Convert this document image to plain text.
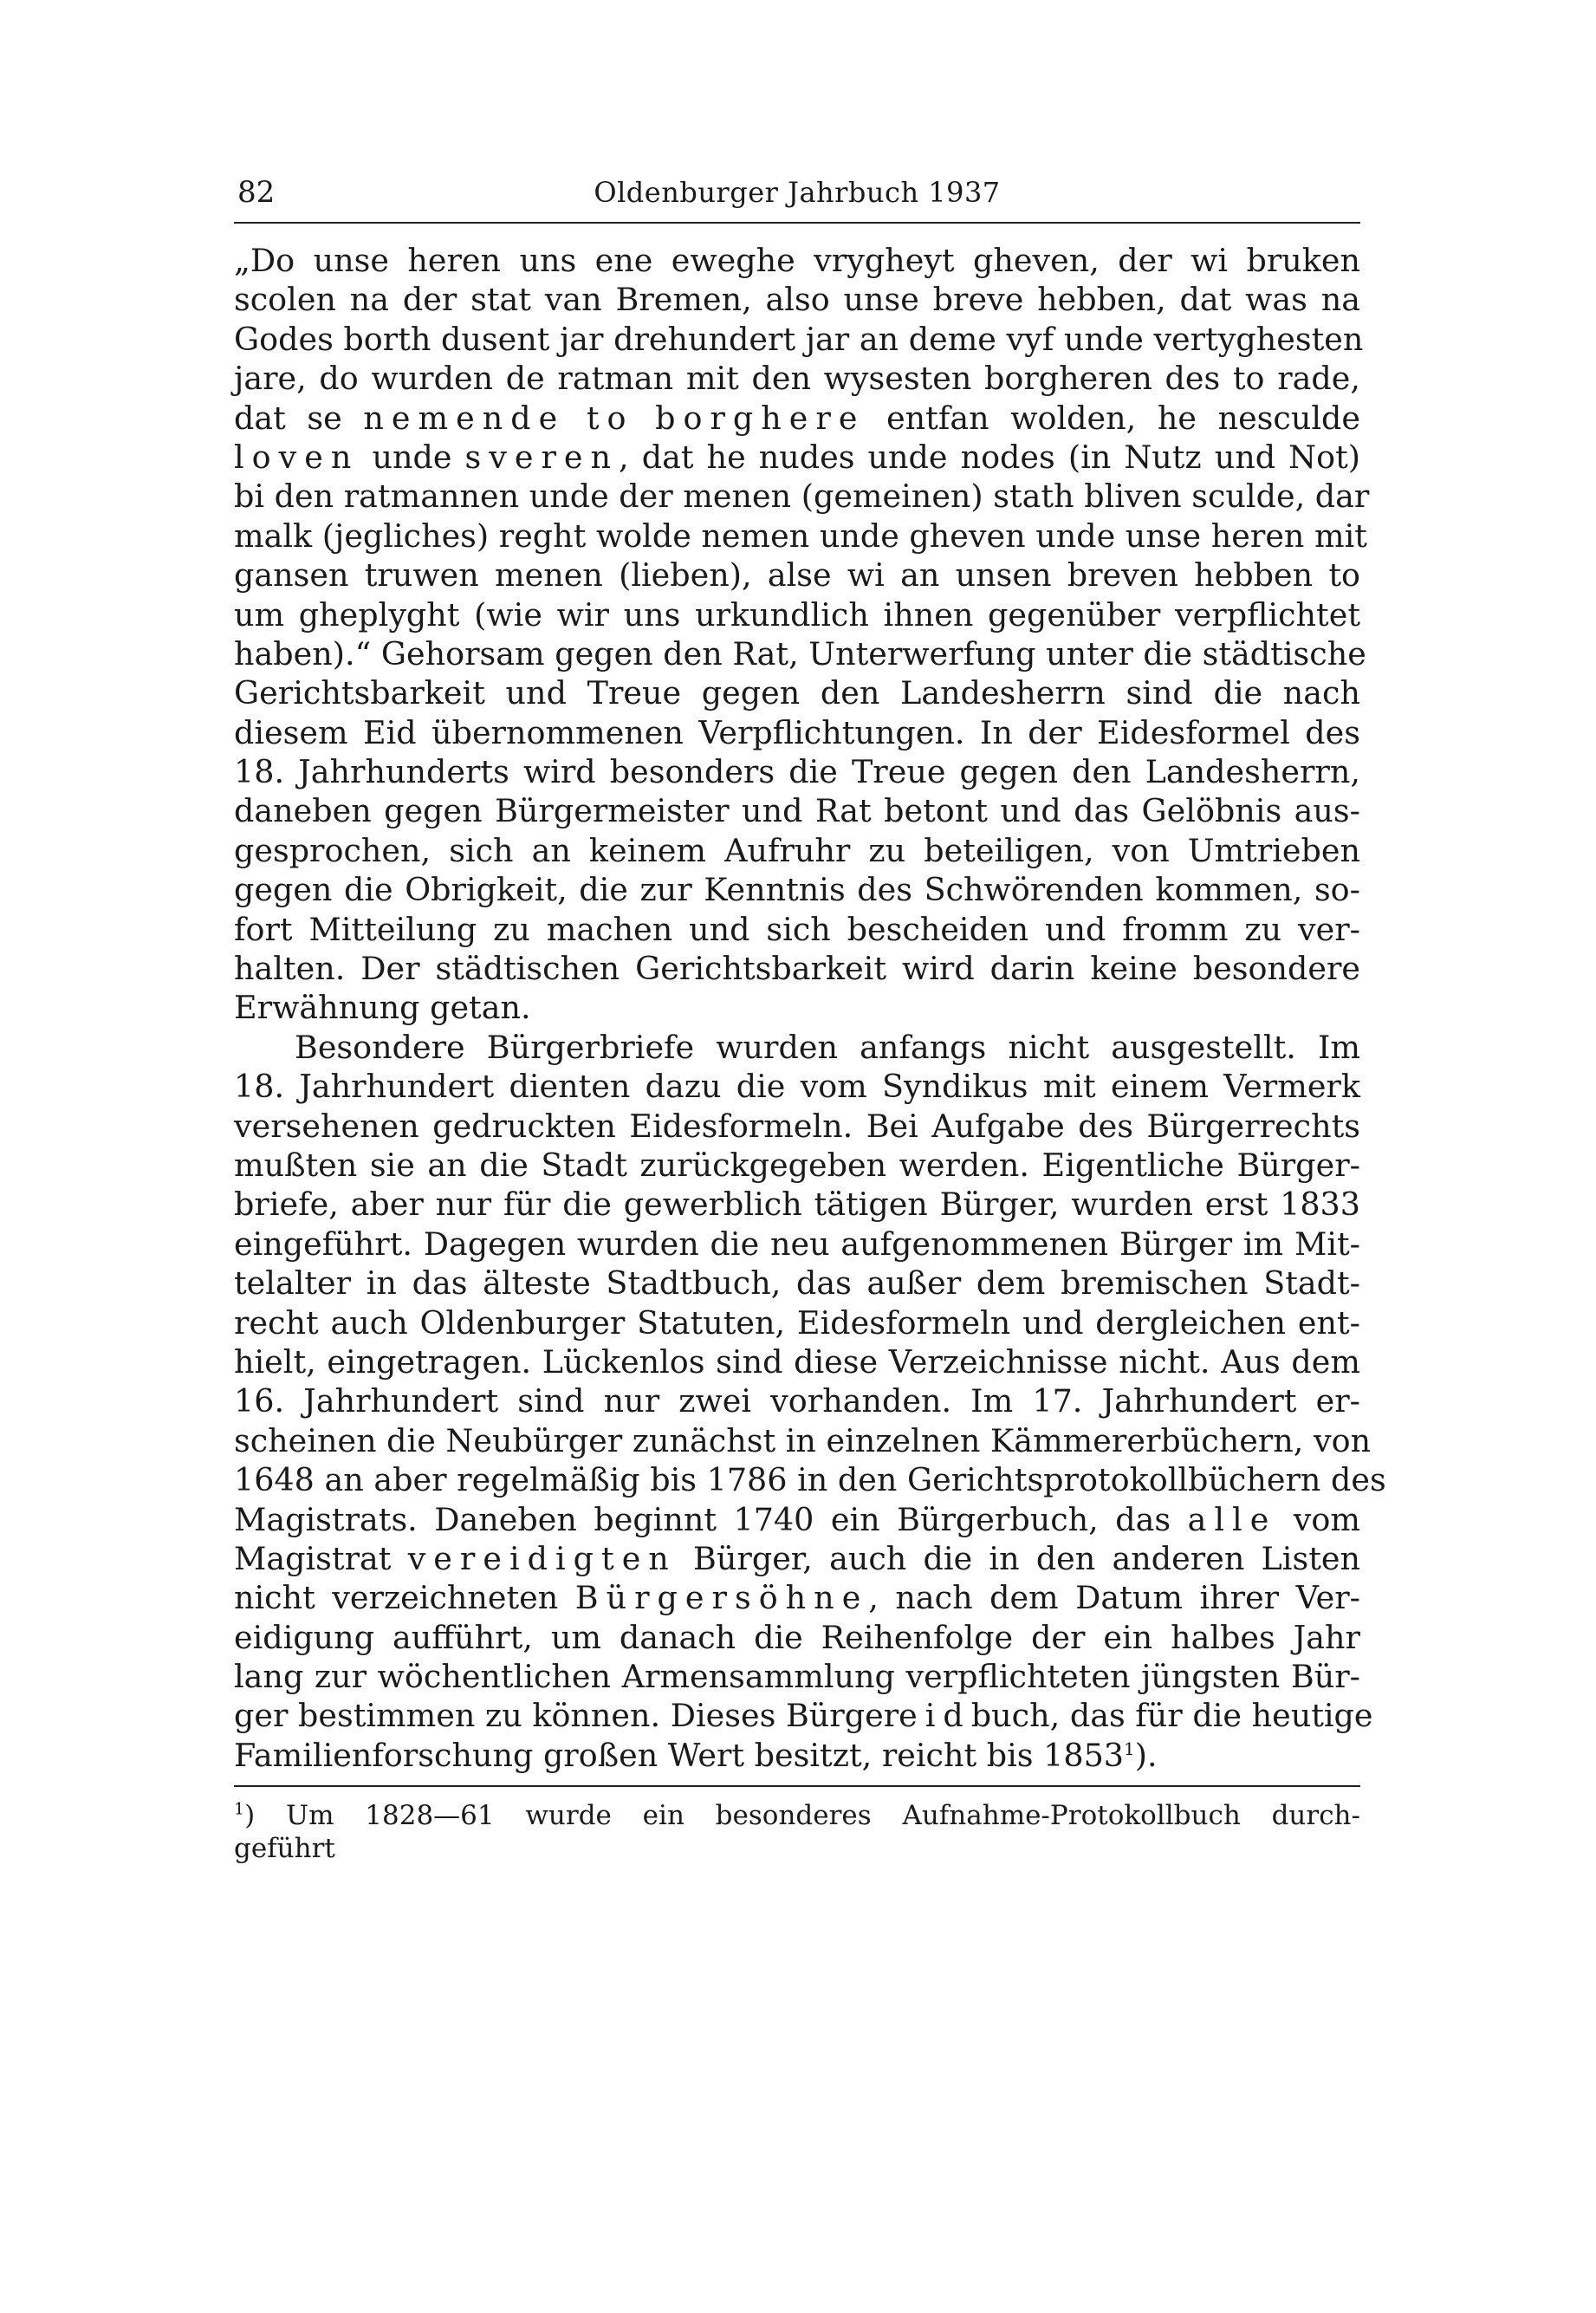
82	Oldenburger Jahrbuch 1937
„Do unse heren uns ene eweghe vrygheyt gheven, der wi bruken
scolen na der stat van Bremen, also unse breve hebben, dat was na
Godes borth dusent jar drehundert jar an deme vyf unde vertyghesten
jare, do wurden de ratman mit den wysesten borgheren des to rade,
dat se nemende to borghere entfan wolden, he nesculde
loven unde sveren, dat he nudes unde nodes (in Nutz und Not)
bi den ratmannen unde der menen (gemeinen) stath bliven sculde, dar
malk (jegliches) reght wolde nemen unde gheven unde unse heren mit
gansen truwen menen (lieben), alse wi an unsen breven hebben to
um gheplyght (wie wir uns urkundlich ihnen gegenüber verpflichtet
haben).“ Gehorsam gegen den Rat, Unterwerfung unter die städtische
Gerichtsbarkeit und Treue gegen den Landesherrn sind die nach
diesem Eid übernommenen Verpflichtungen. In der Eidesformel des
18. Jahrhunderts wird besonders die Treue gegen den Landesherrn,
daneben gegen Bürgermeister und Rat betont und das Gelöbnis aus-
gesprochen, sich an keinem Aufruhr zu beteiligen, von Umtrieben
gegen die Obrigkeit, die zur Kenntnis des Schwörenden kommen, so-
fort Mitteilung zu machen und sich bescheiden und fromm zu ver-
halten. Der städtischen Gerichtsbarkeit wird darin keine besondere
Erwähnung getan.
Besondere Bürgerbriefe wurden anfangs nicht ausgestellt. Im
18. Jahrhundert dienten dazu die vom Syndikus mit einem Vermerk
versehenen gedruckten Eidesformeln. Bei Aufgabe des Bürgerrechts
mußten sie an die Stadt zurückgegeben werden. Eigentliche Bürger-
briefe, aber nur für die gewerblich tätigen Bürger, wurden erst 1833
eingeführt. Dagegen wurden die neu aufgenommenen Bürger im Mit-
telalter in das älteste Stadtbuch, das außer dem bremischen Stadt-
recht auch Oldenburger Statuten, Eidesformeln und dergleichen ent-
hielt, eingetragen. Lückenlos sind diese Verzeichnisse nicht. Aus dem
16. Jahrhundert sind nur zwei vorhanden. Im 17. Jahrhundert er-
scheinen die Neubürger zunächst in einzelnen Kämmererbüchern, von
1648 an aber regelmäßig bis 1786 in den Gerichtsprotokollbüchern des
Magistrats. Daneben beginnt 1740 ein Bürgerbuch, das alle vom
Magistrat vereidigten Bürger, auch die in den anderen Listen
nicht verzeichneten Bürgersöhne, nach dem Datum ihrer Ver-
eidigung aufführt, um danach die Reihenfolge der ein halbes Jahr
lang zur wöchentlichen Armensammlung verpflichteten jüngsten Bür-
ger bestimmen zu können. Dieses Bürgereidbuch, das für die heutige
Familienforschung großen Wert besitzt, reicht bis 1853$^1$).
$^1$) Um 1828—61 wurde ein besonderes Aufnahme-Protokollbuch durch-
geführt
